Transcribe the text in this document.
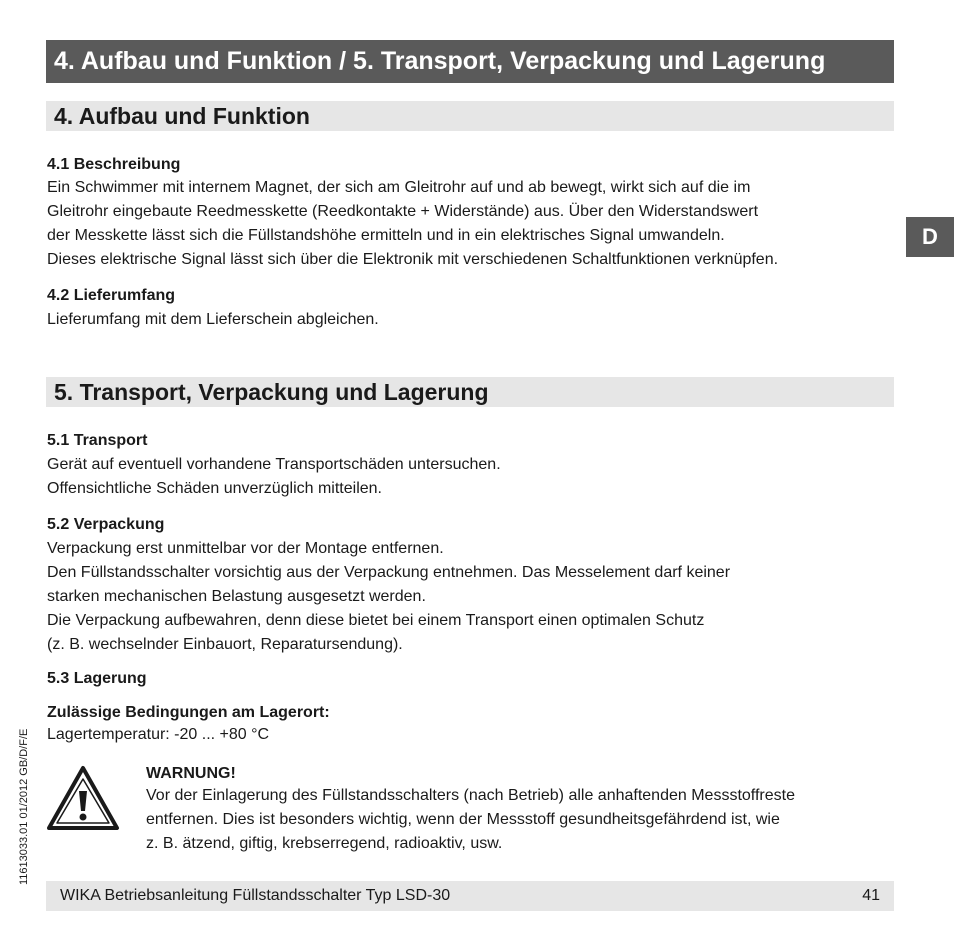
4. Aufbau und Funktion / 5. Transport, Verpackung und Lagerung
D
4. Aufbau und Funktion
4.1 Beschreibung

Ein Schwimmer mit internem Magnet, der sich am Gleitrohr auf und ab bewegt, wirkt sich auf die im
Gleitrohr eingebaute Reedmesskette (Reedkontakte + Widerstände) aus. Über den Widerstandswert
der Messkette lässt sich die Füllstandshöhe ermitteln und in ein elektrisches Signal umwandeln.
Dieses elektrische Signal lässt sich über die Elektronik mit verschiedenen Schaltfunktionen verknüpfen.

4.2 Lieferumfang

Lieferumfang mit dem Lieferschein abgleichen.

5. Transport, Verpackung und Lagerung
5.1 Transport

Gerät auf eventuell vorhandene Transportschäden untersuchen.
Offensichtliche Schäden unverzüglich mitteilen.

5.2 Verpackung

Verpackung erst unmittelbar vor der Montage entfernen.
Den Füllstandsschalter vorsichtig aus der Verpackung entnehmen. Das Messelement darf keiner
starken mechanischen Belastung ausgesetzt werden.
Die Verpackung aufbewahren, denn diese bietet bei einem Transport einen optimalen Schutz
(z. B. wechselnder Einbauort, Reparatursendung).

5.3 Lagerung
Zulässige Bedingungen am Lagerort:

Lagertemperatur: -20 ... +80 °C

WARNUNG!

Vor der Einlagerung des Füllstandsschalters (nach Betrieb) alle anhaftenden Messstoffreste
entfernen. Dies ist besonders wichtig, wenn der Messstoff gesundheitsgefährdend ist, wie
z. B. ätzend, giftig, krebserregend, radioaktiv, usw.

11613033.01 01/2012 GB/D/F/E
WIKA Betriebsanleitung Füllstandsschalter Typ LSD-30	41
